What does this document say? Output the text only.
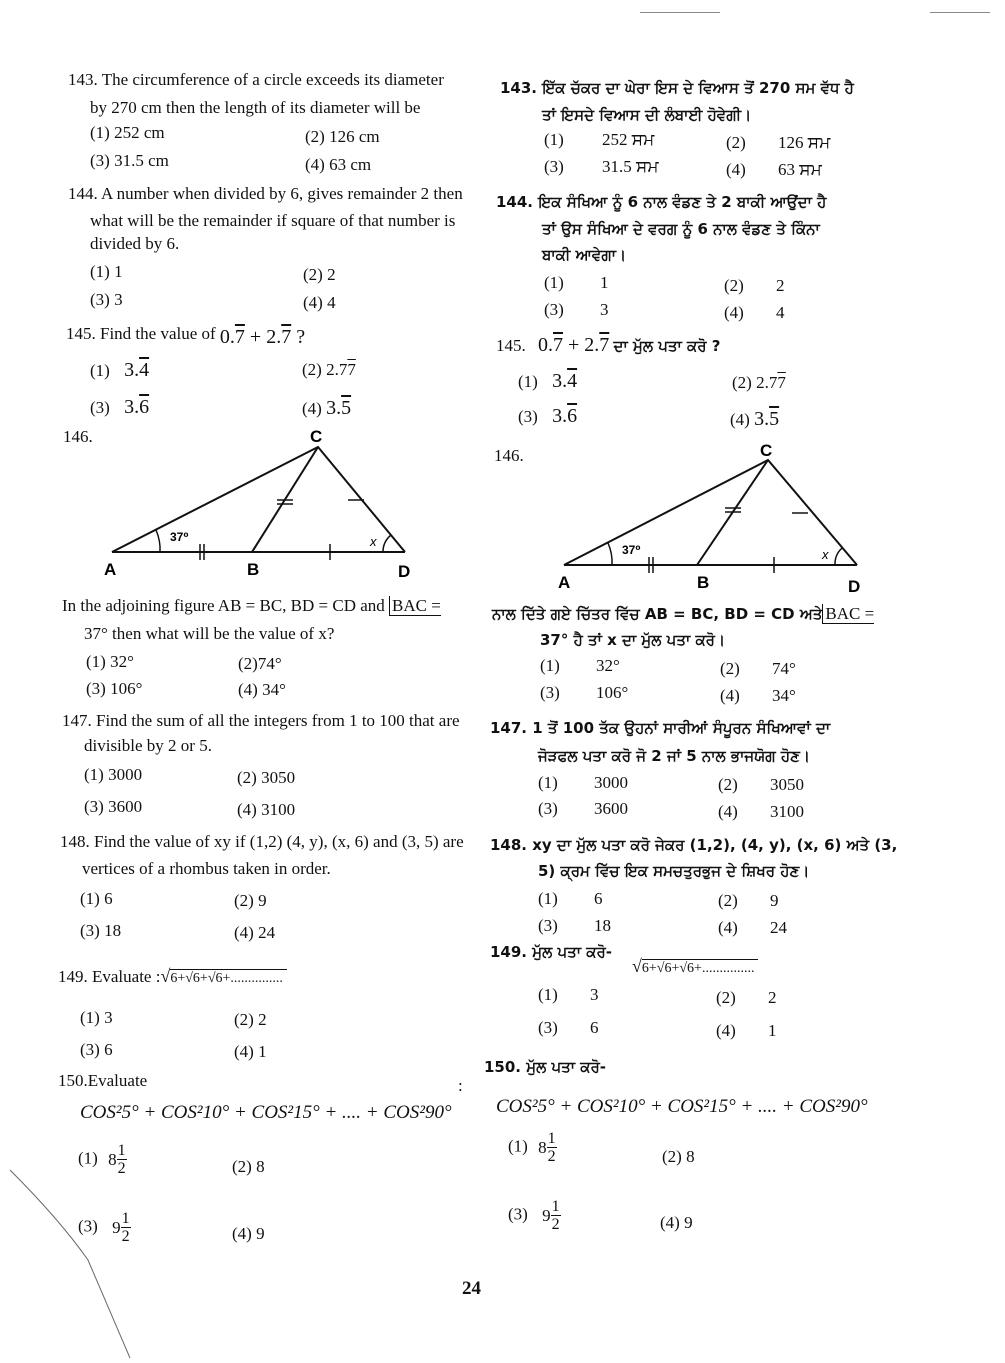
143. The circumference of a circle exceeds its diameter
by 270 cm then the length of its diameter will be
(1) 252 cm	(2) 126 cm
(3) 31.5 cm	(4) 63 cm
144. A number when divided by 6, gives remainder 2 then
what will be the remainder if square of that number is
divided by 6.
(1) 1	(2) 2
(3) 3	(4) 4
145. Find the value of 0.7 + 2.7 ?
(1) 3.4	(2) 2.77
(3) 3.6	(4) 3.5
146.
37⁰	x
A	B
C
D
In the adjoining figure AB = BC, BD = CD and BAC =
37° then what will be the value of x?
(1) 32°	(2)74°
(3) 106°	(4) 34°
147. Find the sum of all the integers from 1 to 100 that are
divisible by 2 or 5.
(1) 3000	(2) 3050
(3) 3600	(4) 3100
148. Find the value of xy if (1,2) (4, y), (x, 6) and (3, 5) are
vertices of a rhombus taken in order.
(1) 6	(2) 9
(3) 18	(4) 24
149. Evaluate :√6+√6+√6+...............
(1) 3	(2) 2
(3) 6	(4) 1
150.Evaluate	:
COS²5° + COS²10° + COS²15° + .... + COS²90°
(1) $8 \frac{1}{2}$	(2) 8
(3) $9 \frac{1}{2}$	(4) 9
143. ਇੱਕ ਚੱਕਰ ਦਾ ਘੇਰਾ ਇਸ ਦੇ ਵਿਆਸ ਤੋਂ 270 ਸਮ ਵੱਧ ਹੈ
ਤਾਂ ਇਸਦੇ ਵਿਆਸ ਦੀ ਲੰਬਾਈ ਹੋਵੇਗੀ।
(1) 252 ਸਮ	(2) 126 ਸਮ
(3) 31.5 ਸਮ	(4) 63 ਸਮ
144. ਇਕ ਸੰਖਿਆ ਨੂੰ 6 ਨਾਲ ਵੰਡਣ ਤੇ 2 ਬਾਕੀ ਆਉਂਦਾ ਹੈ
ਤਾਂ ਉਸ ਸੰਖਿਆ ਦੇ ਵਰਗ ਨੂੰ 6 ਨਾਲ ਵੰਡਣ ਤੇ ਕਿੰਨਾ
ਬਾਕੀ ਆਵੇਗਾ।
(1) 1	(2) 2
(3) 3	(4) 4
145. 0.7 + 2.7 ਦਾ ਮੁੱਲ ਪਤਾ ਕਰੋ ?
(1) 3.4	(2) 2.77
(3) 3.6	(4) 3.5
146.
37⁰	x
A	B
C
D
ਨਾਲ ਦਿੱਤੇ ਗਏ ਚਿੱਤਰ ਵਿੱਚ AB = BC, BD = CD ਅਤੇ BAC =
37° ਹੈ ਤਾਂ x ਦਾ ਮੁੱਲ ਪਤਾ ਕਰੋ।
(1) 32°	(2) 74°
(3) 106°	(4) 34°
147. 1 ਤੋਂ 100 ਤੱਕ ਉਹਨਾਂ ਸਾਰੀਆਂ ਸੰਪੂਰਨ ਸੰਖਿਆਵਾਂ ਦਾ
ਜੋੜਫਲ ਪਤਾ ਕਰੋ ਜੋ 2 ਜਾਂ 5 ਨਾਲ ਭਾਜਯੋਗ ਹੋਣ।
(1) 3000	(2) 3050
(3) 3600	(4) 3100
148. xy ਦਾ ਮੁੱਲ ਪਤਾ ਕਰੋ ਜੇਕਰ (1,2), (4, y), (x, 6) ਅਤੇ (3,
5) ਕ੍ਰਮ ਵਿੱਚ ਇਕ ਸਮਚਤੁਰਭੁਜ ਦੇ ਸ਼ਿਖਰ ਹੋਣ।
(1) 6	(2) 9
(3) 18	(4) 24
149. ਮੁੱਲ ਪਤਾ ਕਰੋ-
√6+√6+√6+...............
(1) 3	(2) 2
(3) 6	(4) 1
150. ਮੁੱਲ ਪਤਾ ਕਰੋ-
COS²5° + COS²10° + COS²15° + .... + COS²90°
(1) $8 \frac{1}{2}$	(2) 8
(3) $9 \frac{1}{2}$	(4) 9
24
